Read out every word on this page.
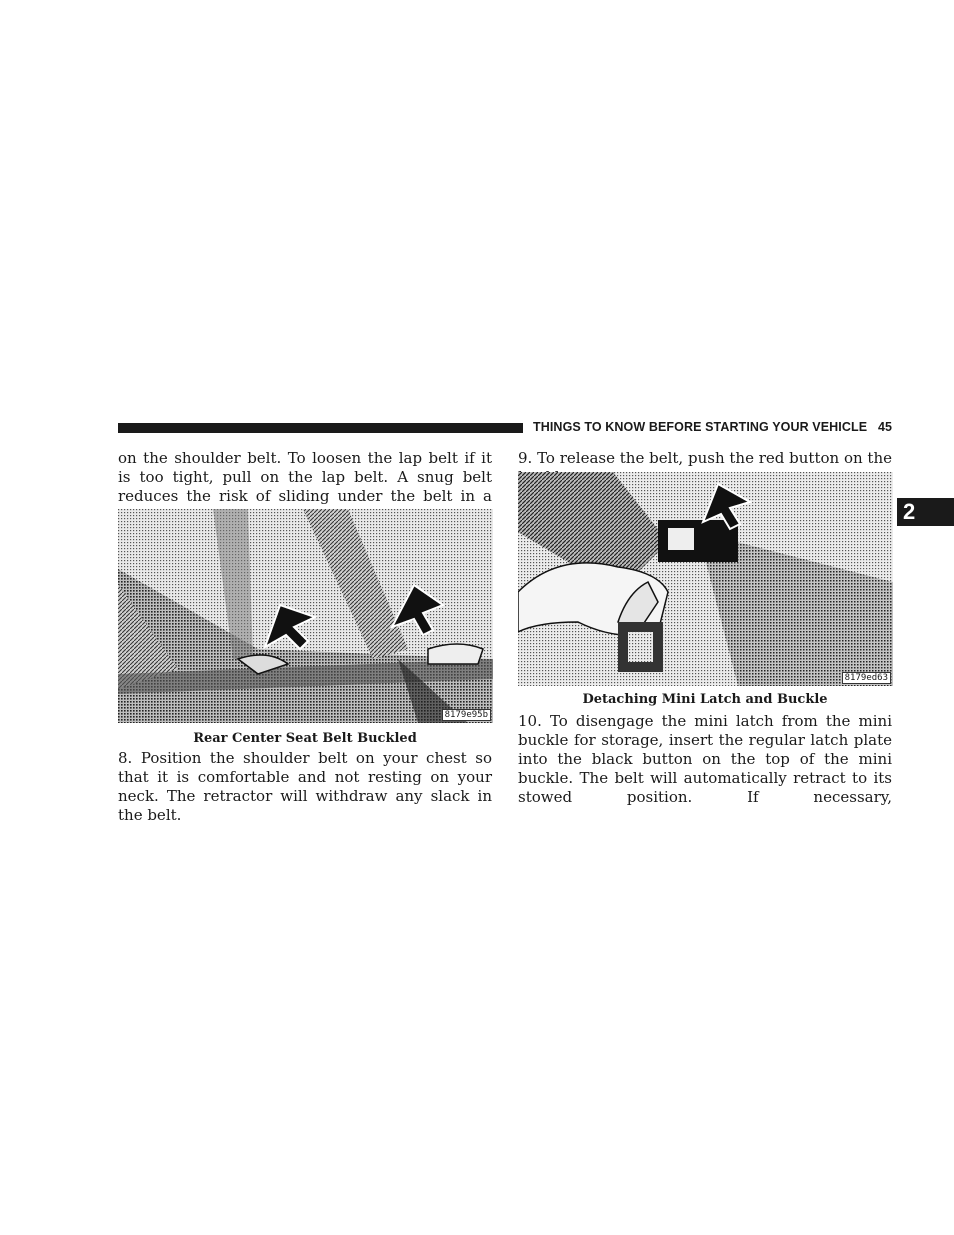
THINGS TO KNOW BEFORE STARTING YOUR VEHICLE 45
2

on the shoulder belt. To loosen the lap belt if it is too tight, pull on the lap belt. A snug belt reduces the risk of sliding under the belt in a

8179e95b
Rear Center Seat Belt Buckled

8. Position the shoulder belt on your chest so that it is comfortable and not resting on your neck. The retractor will withdraw any slack in the belt.

9. To release the belt, push the red button on the

8179ed63
Detaching Mini Latch and Buckle

10. To disengage the mini latch from the mini buckle for storage, insert the regular latch plate into the black button on the top of the mini buckle. The belt will automatically retract to its stowed position. If necessary,
